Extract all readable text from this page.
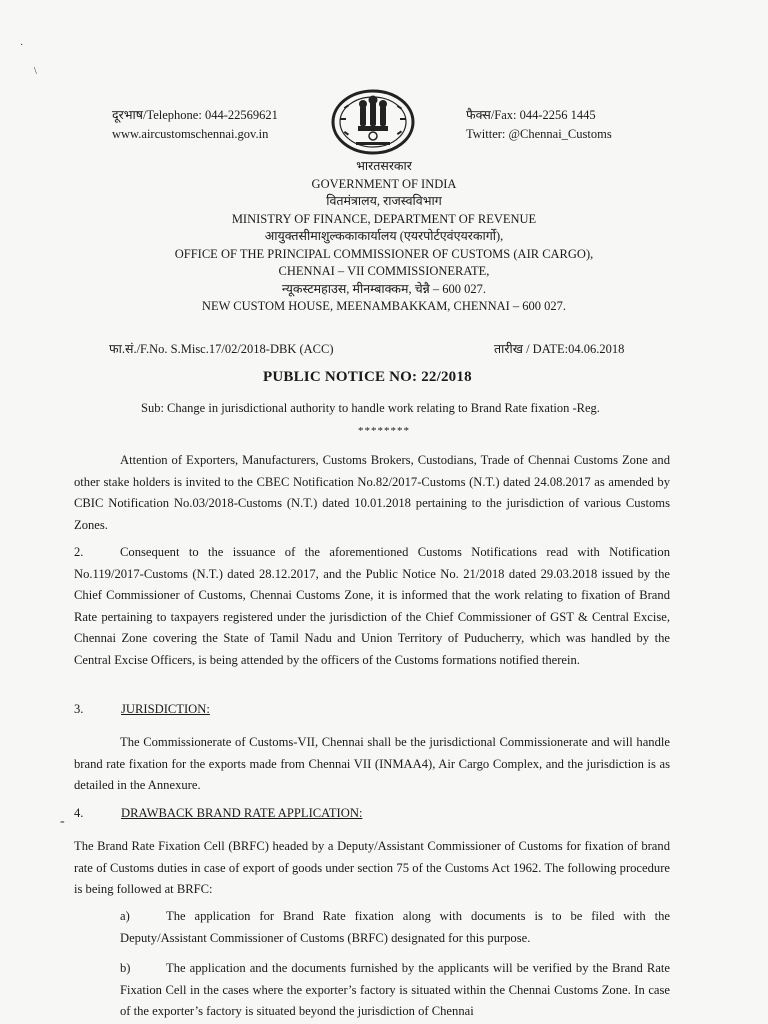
·
\
-
दूरभाष/Telephone: 044-22569621
www.aircustomschennai.gov.in
फैक्स/Fax: 044-2256 1445
Twitter: @Chennai_Customs
भारतसरकार
GOVERNMENT OF INDIA
वितमंत्रालय, राजस्वविभाग
MINISTRY OF FINANCE, DEPARTMENT OF REVENUE
आयुक्तसीमाशुल्ककाकार्यालय (एयरपोर्टएवंएयरकार्गो),
OFFICE OF THE PRINCIPAL COMMISSIONER OF CUSTOMS (AIR CARGO),
CHENNAI – VII COMMISSIONERATE,
न्यूकस्टमहाउस, मीनम्बाक्कम, चेन्नै – 600 027.
NEW CUSTOM HOUSE, MEENAMBAKKAM, CHENNAI – 600 027.
फा.सं./F.No. S.Misc.17/02/2018-DBK (ACC)	तारीख / DATE:04.06.2018
PUBLIC NOTICE NO: 22/2018
Sub: Change in jurisdictional authority to handle work relating to Brand Rate fixation -Reg.
********
Attention of Exporters, Manufacturers, Customs Brokers, Custodians, Trade of Chennai Customs Zone and other stake holders is invited to the CBEC Notification No.82/2017-Customs (N.T.) dated 24.08.2017 as amended by CBIC Notification No.03/2018-Customs (N.T.) dated 10.01.2018 pertaining to the jurisdiction of various Customs Zones.
2.	Consequent to the issuance of the aforementioned Customs Notifications read with Notification No.119/2017-Customs (N.T.) dated 28.12.2017, and the Public Notice No. 21/2018 dated 29.03.2018 issued by the Chief Commissioner of Customs, Chennai Customs Zone, it is informed that the work relating to fixation of Brand Rate pertaining to taxpayers registered under the jurisdiction of the Chief Commissioner of GST & Central Excise, Chennai Zone covering the State of Tamil Nadu and Union Territory of Puducherry, which was handled by the Central Excise Officers, is being attended by the officers of the Customs formations notified therein.
3.	JURISDICTION:
The Commissionerate of Customs-VII, Chennai shall be the jurisdictional Commissionerate and will handle brand rate fixation for the exports made from Chennai VII (INMAA4), Air Cargo Complex, and the jurisdiction is as detailed in the Annexure.
4.	DRAWBACK BRAND RATE APPLICATION:
The Brand Rate Fixation Cell (BRFC) headed by a Deputy/Assistant Commissioner of Customs for fixation of brand rate of Customs duties in case of export of goods under section 75 of the Customs Act 1962. The following procedure is being followed at BRFC:
a)	The application for Brand Rate fixation along with documents is to be filed with the Deputy/Assistant Commissioner of Customs (BRFC) designated for this purpose.
b)	The application and the documents furnished by the applicants will be verified by the Brand Rate Fixation Cell in the cases where the exporter’s factory is situated within the Chennai Customs Zone. In case of the exporter’s factory is situated beyond the jurisdiction of Chennai
